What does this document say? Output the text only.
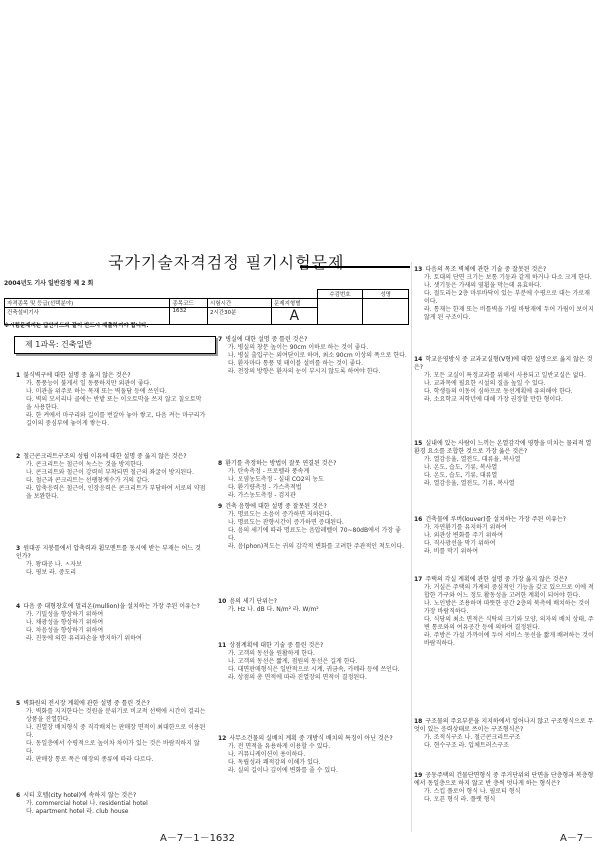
국가기술자격검정 필기시험문제
2004년도 기사 일반검정 제 2 회
				수검번호	성명
자격종목 및 등급(선택분야)	종목코드	시험시간	문제지형별		
건축설비기사	1632	2시간30분	A		
※시험문제지는 답안카드와 같이 반드시 제출하여야 합니다.
제 1과목: 건축일반
1 불식벽구에 대한 설명 중 옳지 않은 것은?
가. 통풍능이 불게서 일 동풍하지만 외관이 좋다.
나. 미관을 위주로 하는 목재 또는 벽돌담 등에 쓰인다.
다. 벽의 모서리나 골에는 반밭 또는 이오토막을 쓰지 않고 칠오토막을 사용한다.
라. 한 켜에서 마구리와 길이를 번갈아 놓아 쌓고, 다음 켜는 마구리가 길이의 중심부에 놓이게 쌓는다.
2 철근콘크리트구조의 성립 이유에 대한 설명 중 옳지 않은 것은?
가. 콘크리트는 철근이 녹스는 것을 방지한다.
나. 콘크리트와 철근이 강력히 부착되면 철근의 좌굴이 방지된다.
다. 철근과 콘크리트는 선팽창계수가 거의 같다.
라. 압축응력은 철근이, 인장응력은 콘크리트가 부담하여 서로의 약점을 보완한다.
3 원대공 지붕틀에서 압축력과 휨모멘트를 동시에 받는 부재는 어느 것인가?
가. 왕대공 나. ㅅ자보
다. 평보 라. 중도리
4 다음 중 대형창호에 멀리온(mullion)을 설치하는 가장 주된 이유는?
가. 기밀성을 향상하기 위하여
나. 채광성을 향상하기 위하여
다. 차음성을 향상하기 위하여
라. 진동에 의한 유리파손을 방지하기 위하여
5 벽화원의 전시장 계획에 관한 설명 중 틀린 것은?
가. 벽화를 지지한다는 것원을 분위기로 비교적 선택에 시간이 걸리는 상품을 진열한다.
나. 진열장 배치형식 중 직각배치는 판매장 면적이 최대한으로 이용된다.
다. 동일층에서 수평적으로 높이차 차이가 있는 것은 바람직하지 않다.
라. 판매장 통로 폭은 매장의 종류에 따라 다르다.
6 시티 호텔(city hotel)에 속하지 않는 것은?
가. commercial hotel 나. residential hotel
다. apartment hotel 라. club house
7 병실에 대한 설명 중 틀린 것은?
가. 병실의 창문 높이는 90cm 이하로 하는 것이 좋다.
나. 병실 출입구는 외여닫이로 하며, 최소 90cm 이상의 폭으로 한다.
다. 환자마다 통풍 및 테이블 설비를 하는 것이 좋다.
라. 천장의 방향은 환자의 눈이 부시지 않도록 하여야 한다.
8 환기를 측정하는 방법이 잘못 연결된 것은?
가. 탄속측정 - 프로펠라 풍속계
나. 오염농도측정 - 실내 CO2의 농도
다. 환기량측정 - 가스측적법
라. 가스농도측정 - 검지관
9 건축 음향에 대한 설명 중 잘못된 것은?
가. 명료도는 소음이 증가하면 저하된다.
나. 명료도는 잔향시간이 증가하면 증대된다.
다. 음의 세기에 따라 명료도는 음압레벨이 70~80dB에서 가장 좋다.
라. 음(phon)척도는 귀의 감각적 변화를 고려한 주관적인 척도이다.
10 음의 세기 단위는?
가. Hz 나. dB 다. N/m² 라. W/m²
11 상점계획에 대한 기술 중 틀린 것은?
가. 고객의 동선을 원활하게 한다.
나. 고객의 동선은 짧게, 점원의 동선은 길게 한다.
다. 대면판매형식은 일반적으로 시계, 귀금속, 카메라 등에 쓰인다.
라. 상점의 총 면적에 따라 진열장의 면적이 결정된다.
12 사무소건물의 실배치 계획 중 개방식 배치의 특징이 아닌 것은?
가. 전 면적을 유용하게 이용할 수 있다.
나. 커뮤니케이션이 용이하다.
다. 독립성과 쾌적감의 이해가 있다.
라. 실의 길이나 깊이에 변화를 줄 수 있다.
13 다음의 목조 벽체에 관한 기술 중 잘못된 것은?
가. 토대의 단면 크기는 보통 기둥과 같게 하거나 다소 크게 한다.
나. 샛기둥은 가새의 옆휨을 막는데 유효하다.
다. 절도리는 2층 마루바닥이 있는 부분에 수평으로 대는 가로재이다.
라. 통재는 한재 또는 비틀벽을 가릴 바탕재에 두어 가림이 보이지 않게 된 구조이다.
14 학교운영방식 중 교과교실형(V형)에 대한 설명으로 옳지 않은 것은?
가. 모든 교실이 특정교과를 위해서 사용되고 일반교실은 없다.
나. 교과목에 필요한 시설의 질을 높일 수 있다.
다. 학생들의 이동이 심하므로 동선계획에 유의해야 한다.
라. 소요학교 저학년에 대해 가장 권장할 만한 형이다.
15 실내에 있는 사람이 느끼는 온열감각에 영향을 미치는 물리적 열환경 요소를 조합한 것으로 가장 옳은 것은?
가. 열감응율, 열전도, 대류율, 복사열
나. 온도, 습도, 기류, 복사열
다. 온도, 습도, 기류, 대류열
라. 열감응율, 열전도, 기류, 복사열
16 건축물에 루버(louver)를 설치하는 가장 주된 이유는?
가. 자연환기를 유지하기 위하여
나. 외관상 변화를 주기 위하여
다. 직사광선을 막기 위하여
라. 비를 막기 위하여
17 주택의 각실 계획에 관한 설명 중 가장 옳지 않은 것은?
가. 거실은 주택의 가계의 중심적인 기능을 갖고 있으므로 이에 적합한 가구와 어느 정도 활동성을 고려한 계획이 되어야 한다.
나. 노인방은 조용하며 따뜻한 공간 2층의 북측에 배치하는 것이 가장 바람직하다.
다. 식당의 최소 면적은 식탁의 크기와 모양, 의자의 배치 상태, 주변 통로와의 여유공간 등에 의하여 결정된다.
라. 주방은 가설 가까이에 두어 서비스 동선을 짧게 배려하는 것이 바람직하다.
18 구조물의 주요부분을 지지하에서 일어나지 않고 구조형식으로 무엇이 있는 응력상태로 쓰이는 구조형식은?
가. 조적식구조 나. 철근콘크리트구조
다. 현수구조 라. 입체트러스구조
19 공동주택의 건물단면형식 중 주거단위의 단면을 단층형과 복층형에서 동일층으로 하지 않고 반 층씩 엇나게 하는 형식은?
가. 스킵 플로어 형식 나. 필로티 형식
다. 오픈 형식 라. 플랫 형식
A－7－1－1632	A－7－
